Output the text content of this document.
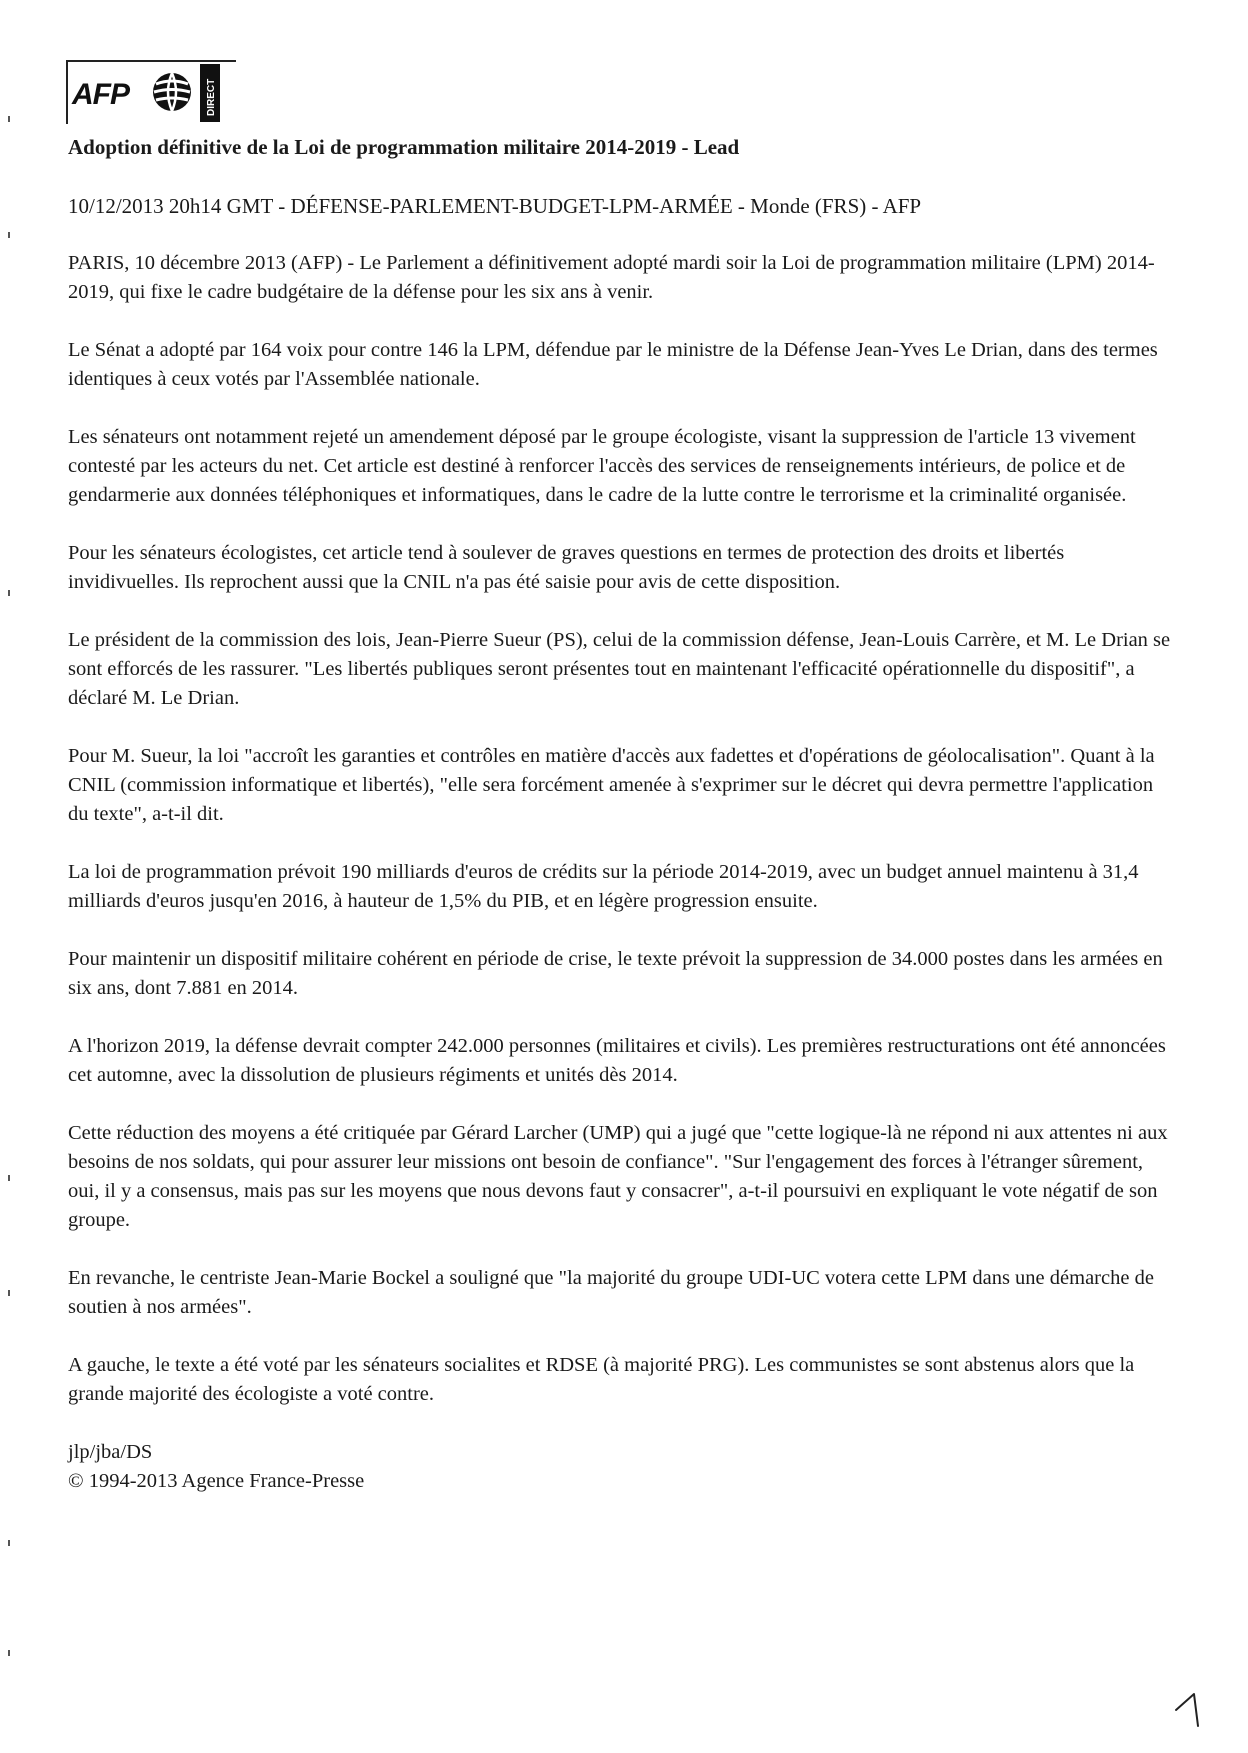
AFP	DIRECT
Adoption définitive de la Loi de programmation militaire 2014-2019 - Lead

10/12/2013 20h14 GMT - DÉFENSE-PARLEMENT-BUDGET-LPM-ARMÉE - Monde (FRS) - AFP

PARIS, 10 décembre 2013 (AFP) - Le Parlement a définitivement adopté mardi soir la Loi de programmation militaire (LPM) 2014-2019, qui fixe le cadre budgétaire de la défense pour les six ans à venir.

Le Sénat a adopté par 164 voix pour contre 146 la LPM, défendue par le ministre de la Défense Jean-Yves Le Drian, dans des termes identiques à ceux votés par l'Assemblée nationale.

Les sénateurs ont notamment rejeté un amendement déposé par le groupe écologiste, visant la suppression de l'article 13 vivement contesté par les acteurs du net. Cet article est destiné à renforcer l'accès des services de renseignements intérieurs, de police et de gendarmerie aux données téléphoniques et informatiques, dans le cadre de la lutte contre le terrorisme et la criminalité organisée.

Pour les sénateurs écologistes, cet article tend à soulever de graves questions en termes de protection des droits et libertés invidivuelles. Ils reprochent aussi que la CNIL n'a pas été saisie pour avis de cette disposition.

Le président de la commission des lois, Jean-Pierre Sueur (PS), celui de la commission défense, Jean-Louis Carrère, et M. Le Drian se sont efforcés de les rassurer. "Les libertés publiques seront présentes tout en maintenant l'efficacité opérationnelle du dispositif", a déclaré M. Le Drian.

Pour M. Sueur, la loi "accroît les garanties et contrôles en matière d'accès aux fadettes et d'opérations de géolocalisation". Quant à la CNIL (commission informatique et libertés), "elle sera forcément amenée à s'exprimer sur le décret qui devra permettre l'application du texte", a-t-il dit.

La loi de programmation prévoit 190 milliards d'euros de crédits sur la période 2014-2019, avec un budget annuel maintenu à 31,4 milliards d'euros jusqu'en 2016, à hauteur de 1,5% du PIB, et en légère progression ensuite.

Pour maintenir un dispositif militaire cohérent en période de crise, le texte prévoit la suppression de 34.000 postes dans les armées en six ans, dont 7.881 en 2014.

A l'horizon 2019, la défense devrait compter 242.000 personnes (militaires et civils). Les premières restructurations ont été annoncées cet automne, avec la dissolution de plusieurs régiments et unités dès 2014.

Cette réduction des moyens a été critiquée par Gérard Larcher (UMP) qui a jugé que "cette logique-là ne répond ni aux attentes ni aux besoins de nos soldats, qui pour assurer leur missions ont besoin de confiance". "Sur l'engagement des forces à l'étranger sûrement, oui, il y a consensus, mais pas sur les moyens que nous devons faut y consacrer", a-t-il poursuivi en expliquant le vote négatif de son groupe.

En revanche, le centriste Jean-Marie Bockel a souligné que "la majorité du groupe UDI-UC votera cette LPM dans une démarche de soutien à nos armées".

A gauche, le texte a été voté par les sénateurs socialites et RDSE (à majorité PRG). Les communistes se sont abstenus alors que la grande majorité des écologiste a voté contre.

jlp/jba/DS

© 1994-2013 Agence France-Presse
